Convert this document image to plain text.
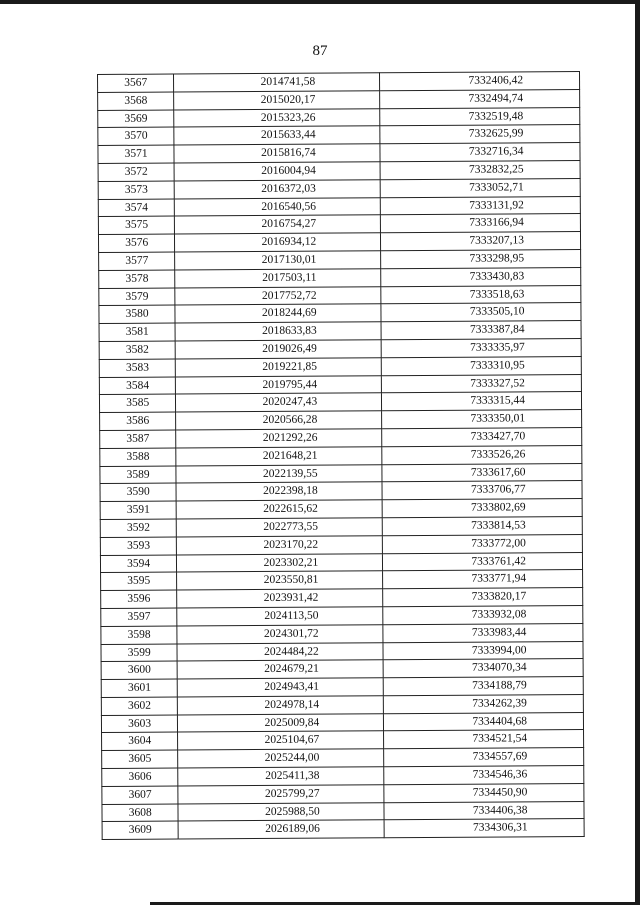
87
3567	2014741,58	7332406,42
3568	2015020,17	7332494,74
3569	2015323,26	7332519,48
3570	2015633,44	7332625,99
3571	2015816,74	7332716,34
3572	2016004,94	7332832,25
3573	2016372,03	7333052,71
3574	2016540,56	7333131,92
3575	2016754,27	7333166,94
3576	2016934,12	7333207,13
3577	2017130,01	7333298,95
3578	2017503,11	7333430,83
3579	2017752,72	7333518,63
3580	2018244,69	7333505,10
3581	2018633,83	7333387,84
3582	2019026,49	7333335,97
3583	2019221,85	7333310,95
3584	2019795,44	7333327,52
3585	2020247,43	7333315,44
3586	2020566,28	7333350,01
3587	2021292,26	7333427,70
3588	2021648,21	7333526,26
3589	2022139,55	7333617,60
3590	2022398,18	7333706,77
3591	2022615,62	7333802,69
3592	2022773,55	7333814,53
3593	2023170,22	7333772,00
3594	2023302,21	7333761,42
3595	2023550,81	7333771,94
3596	2023931,42	7333820,17
3597	2024113,50	7333932,08
3598	2024301,72	7333983,44
3599	2024484,22	7333994,00
3600	2024679,21	7334070,34
3601	2024943,41	7334188,79
3602	2024978,14	7334262,39
3603	2025009,84	7334404,68
3604	2025104,67	7334521,54
3605	2025244,00	7334557,69
3606	2025411,38	7334546,36
3607	2025799,27	7334450,90
3608	2025988,50	7334406,38
3609	2026189,06	7334306,31
